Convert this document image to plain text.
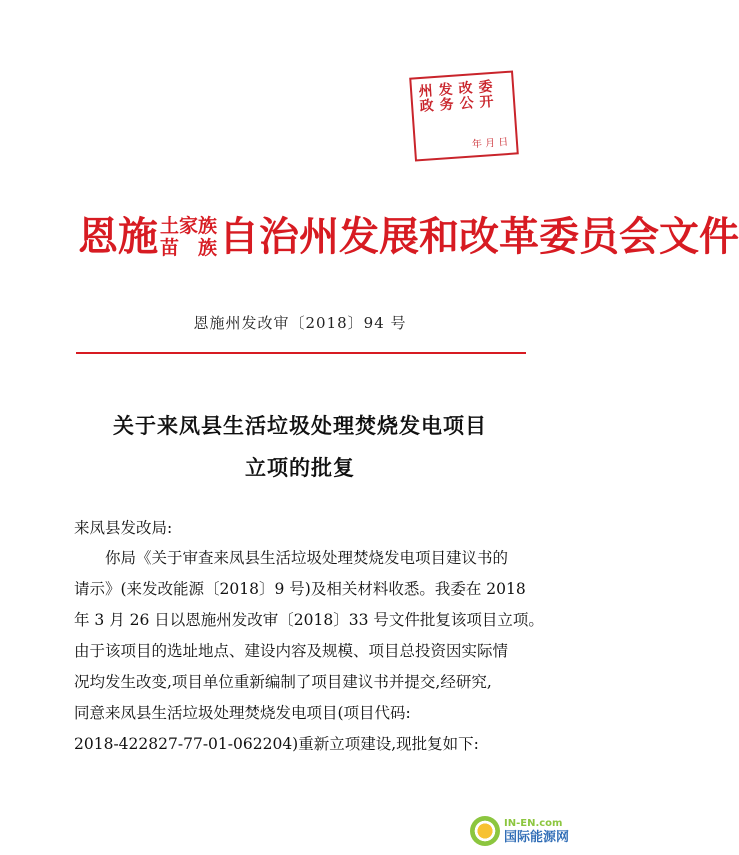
州政
发务
改公
委开
年 月 日
恩施 土家族
苗　族 自治州发展和改革委员会文件
恩施州发改审〔2018〕94 号
关于来凤县生活垃圾处理焚烧发电项目
立项的批复
来凤县发改局:
你局《关于审查来凤县生活垃圾处理焚烧发电项目建议书的
请示》(来发改能源〔2018〕9 号)及相关材料收悉。我委在 2018
年 3 月 26 日以恩施州发改审〔2018〕33 号文件批复该项目立项。
由于该项目的选址地点、建设内容及规模、项目总投资因实际情
况均发生改变,项目单位重新编制了项目建议书并提交,经研究,
同意来凤县生活垃圾处理焚烧发电项目(项目代码:
2018-422827-77-01-062204)重新立项建设,现批复如下:
IN-EN.com
国际能源网
